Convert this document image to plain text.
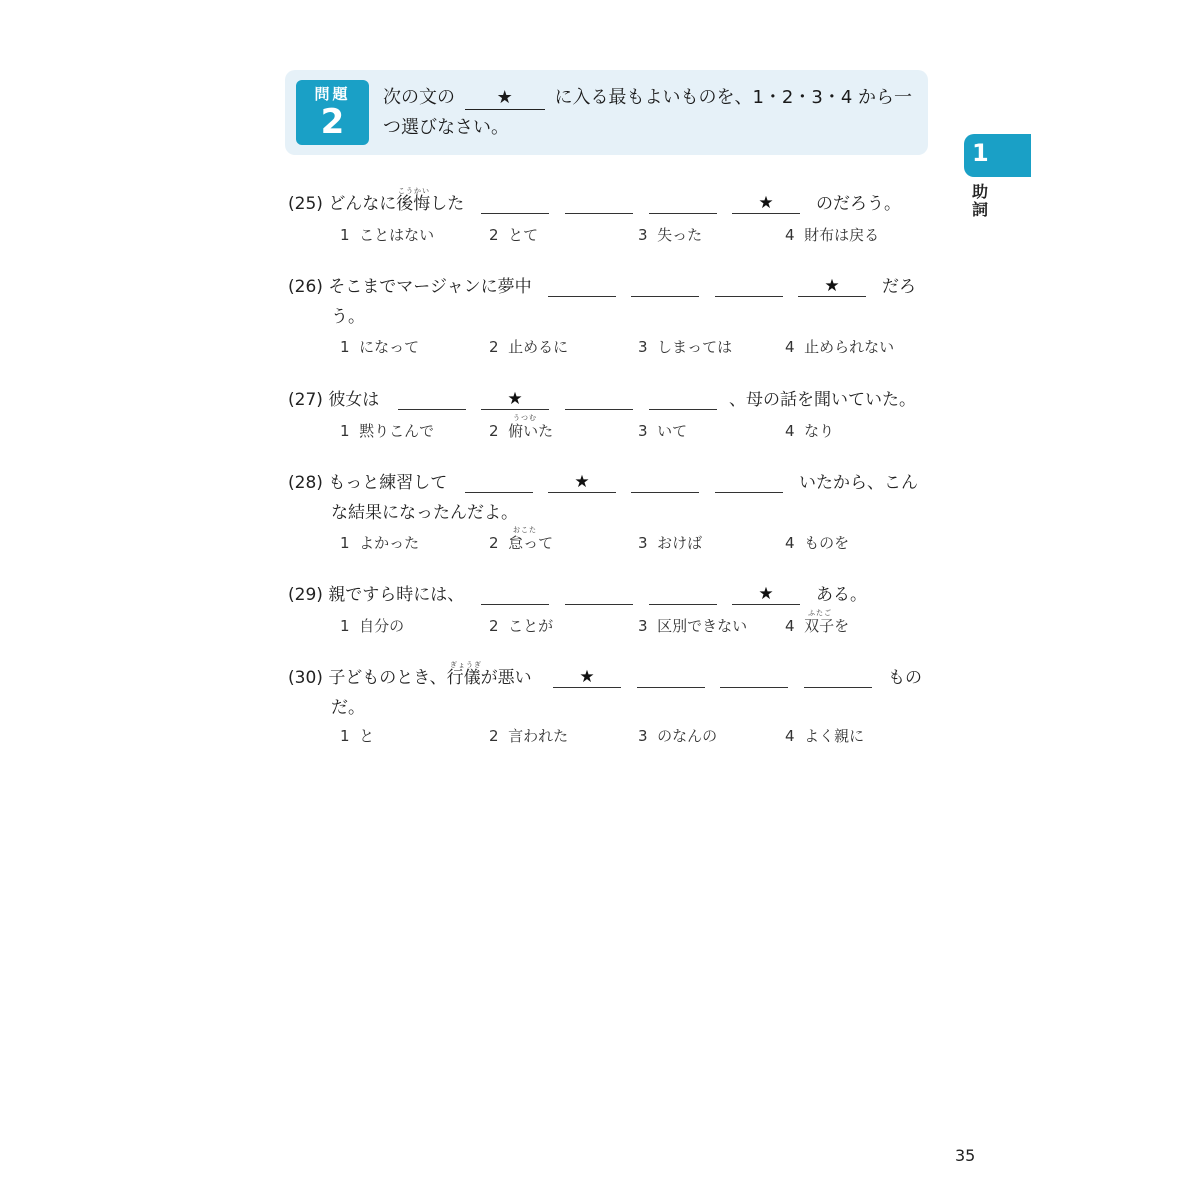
問題
2
次の文の ★ に入る最もよいものを、1・2・3・4 から一
つ選びなさい。
1
助詞
こうかい
(25) どんなに後悔した	★	のだろう。
1 ことはない	2 とて	3 失った	4 財布は戻る
(26) そこまでマージャンに夢中	★	だろ
う。
1 になって	2 止めるに	3 しまっては	4 止められない
(27) 彼女は	★	、母の話を聞いていた。
うつむ
1 黙りこんで	2 俯いた	3 いて	4 なり
(28) もっと練習して	★	いたから、こん
な結果になったんだよ。
おこた
1 よかった	2 怠って	3 おけば	4 ものを
(29) 親ですら時には、	★	ある。
ふたご
1 自分の	2 ことが	3 区別できない	4 双子を
ぎょうぎ
(30) 子どものとき、行儀が悪い	★	もの
だ。
1 と	2 言われた	3 のなんの	4 よく親に
35
